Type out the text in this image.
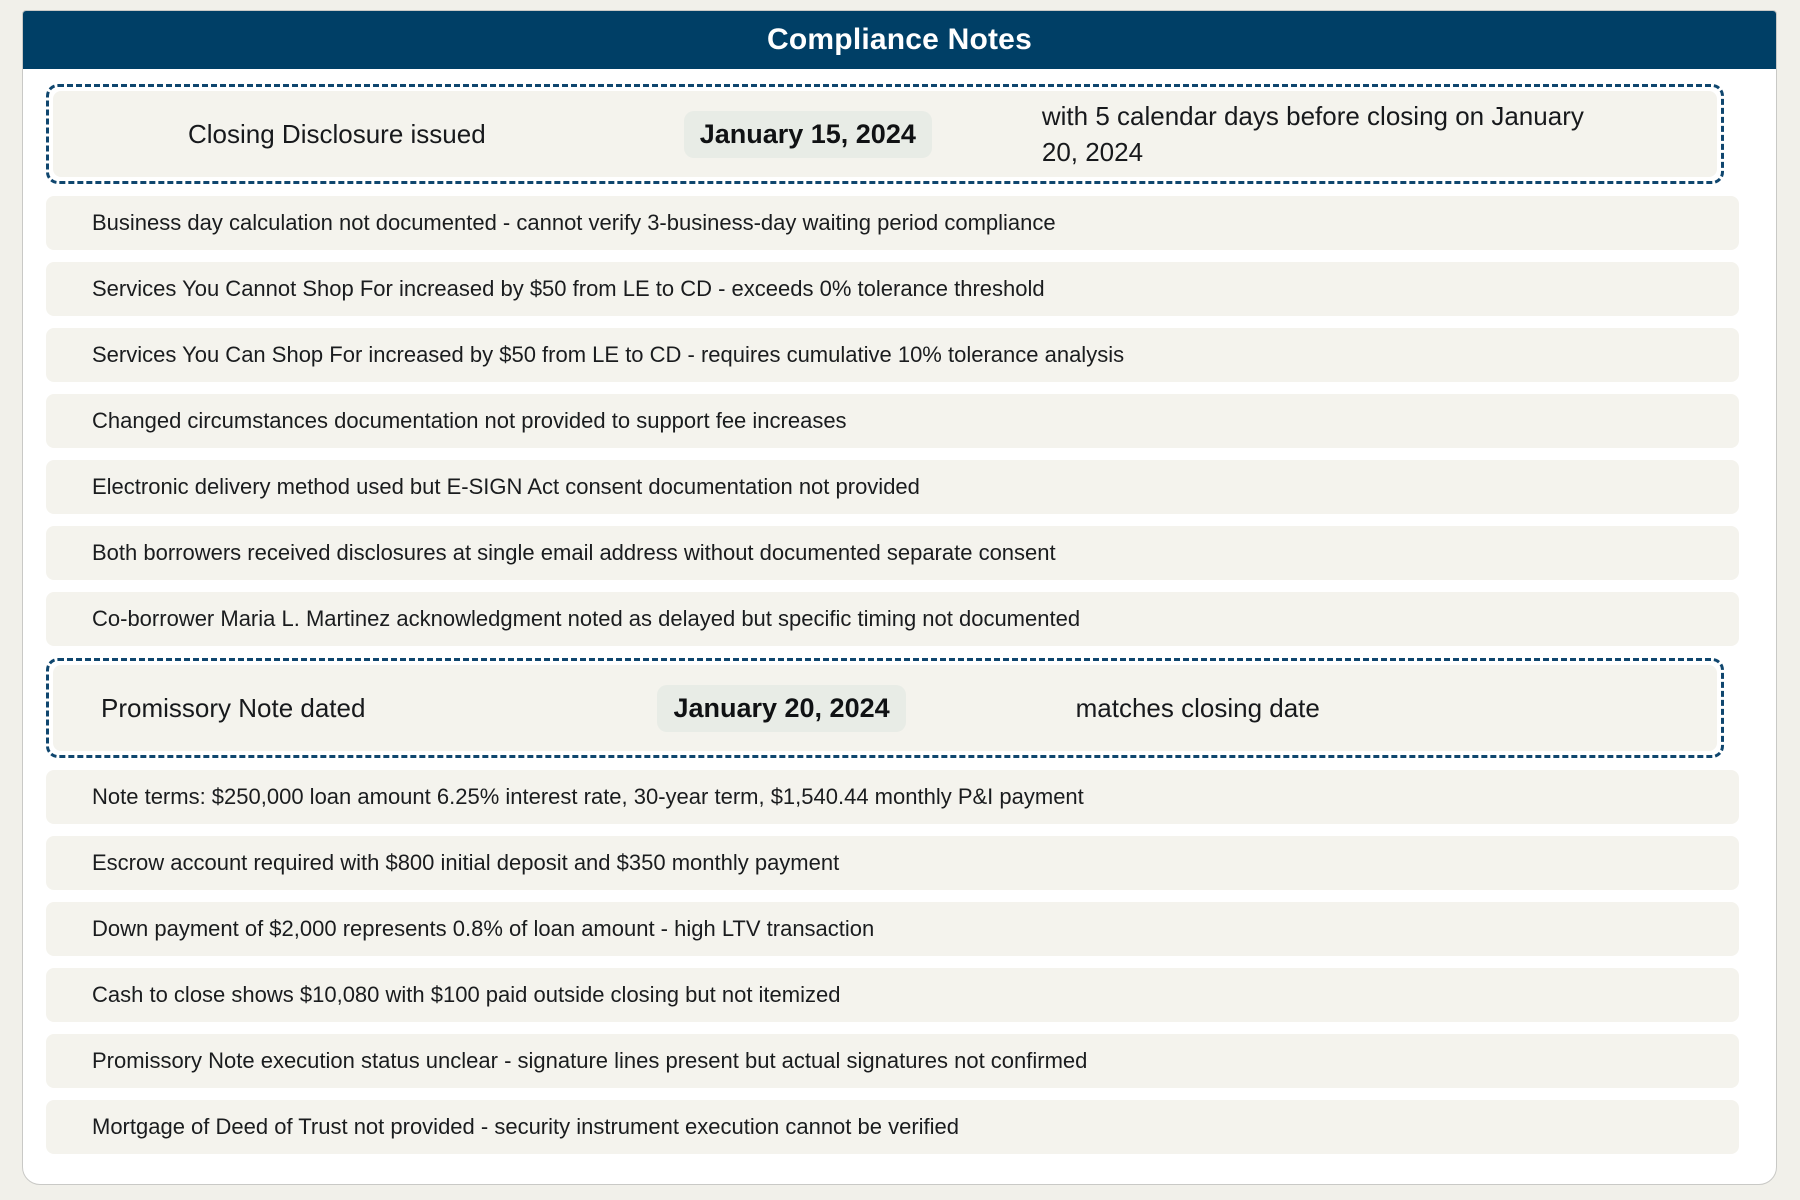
Compliance Notes
Closing Disclosure issued	January 15, 2024
with 5 calendar days before closing on January 20, 2024
Business day calculation not documented - cannot verify 3-business-day waiting period compliance
Services You Cannot Shop For increased by $50 from LE to CD - exceeds 0% tolerance threshold
Services You Can Shop For increased by $50 from LE to CD - requires cumulative 10% tolerance analysis
Changed circumstances documentation not provided to support fee increases
Electronic delivery method used but E-SIGN Act consent documentation not provided
Both borrowers received disclosures at single email address without documented separate consent
Co-borrower Maria L. Martinez acknowledgment noted as delayed but specific timing not documented
Promissory Note dated	January 20, 2024	matches closing date
Note terms: $250,000 loan amount 6.25% interest rate, 30-year term, $1,540.44 monthly P&I payment
Escrow account required with $800 initial deposit and $350 monthly payment
Down payment of $2,000 represents 0.8% of loan amount - high LTV transaction
Cash to close shows $10,080 with $100 paid outside closing but not itemized
Promissory Note execution status unclear - signature lines present but actual signatures not confirmed
Mortgage of Deed of Trust not provided - security instrument execution cannot be verified
